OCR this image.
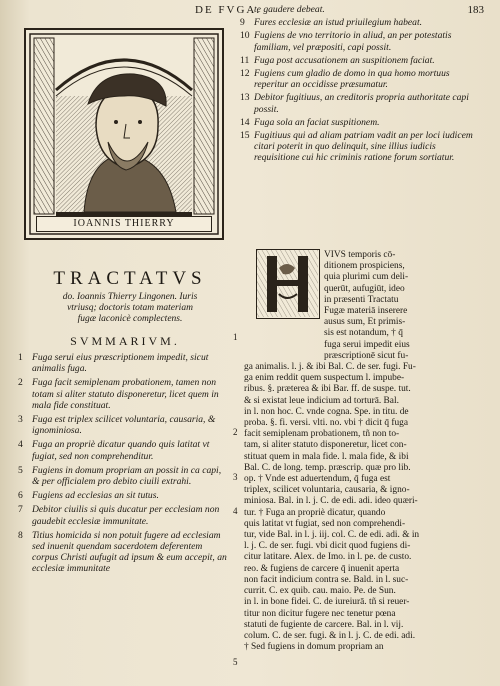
DE FVGA.	183
IOANNIS THIERRY
TRACTATVS
do. Ioannis Thierry Lingonen. Iuris
vtriusq; doctoris totam materiam
fugæ laconicè complectens.
SVMMARIVM.
1 Fuga serui eius præscriptionem impedit, sicut animalis fuga.
2 Fuga facit semiplenam probationem, tamen non totam si aliter statuto disponeretur, licet quem in mala fide constituat.
3 Fuga est triplex scilicet voluntaria, causaria, & ignominiosa.
4 Fuga an propriè dicatur quando quis latitat vt fugiat, sed non comprehenditur.
5 Fugiens in domum propriam an possit in ca capi, & per officialem pro debito ciuili extrahi.
6 Fugiens ad ecclesias an sit tutus.
7 Debitor ciuilis si quis ducatur per ecclesiam non gaudebit ecclesiæ immunitate.
8 Titius homicida si non potuit fugere ad ecclesiam sed inuenit quendam sacerdotem deferentem corpus Christi aufugit ad ipsum & eum accepit, an ecclesiæ immunitate
te gaudere debeat.
9 Fures ecclesiæ an istud priuilegium habeat.
10 Fugiens de vno territorio in aliud, an per potestatis familiam, vel præpositi, capi possit.
11 Fuga post accusationem an suspitionem faciat.
12 Fugiens cum gladio de domo in qua homo mortuus reperitur an occidisse præsumatur.
13 Debitor fugitiuus, an creditoris propria authoritate capi possit.
14 Fuga sola an faciat suspitionem.
15 Fugitiuus qui ad aliam patriam vadit an per loci iudicem citari poterit in quo delinquit, sine illius iudicis requisitione cui hic criminis ratione forum sortiatur.
VIVS temporis cō-
ditionem prospiciens,
quia plurimi cum deli-
querūt, aufugiūt, ideo
in præsenti Tractatu
Fugæ materiā inserere
ausus sum, Et primis-
sis est notandum, † q̄
fuga serui impedit eius
præscriptionē sicut fu-
ga animalis. l. j. & ibi Bal. C. de ser. fugi. Fu-
ga enim reddit quem suspectum l. impube-
ribus. §. præterea & ibi Bar. ff. de suspe. tut.
& si existat leue indicium ad torturā. Bal.
in l. non hoc. C. vnde cogna. Spe. in titu. de
proba. §. fi. versi. vlti. no. vbi † dicit q̄ fuga
facit semiplenam probationem, tñ non to-
tam, si aliter statuto disponeretur, licet con-
stituat quem in mala fide. l. mala fide, & ibi
Bal. C. de long. temp. præscrip. quæ pro lib.
op. † Vnde est aduertendum, q̄ fuga est
triplex, scilicet voluntaria, causaria, & igno-
miniosa. Bal. in l. j. C. de edi. adi. ideo quæri-
tur. † Fuga an propriè dicatur, quando
quis latitat vt fugiat, sed non comprehendi-
tur, vide Bal. in l. j. iij. col. C. de edi. adi. & in
l. j. C. de ser. fugi. vbi dicit quod fugiens di-
citur latitare. Alex. de Imo. in l. pe. de custo.
reo. & fugiens de carcere q̄ inuenit aperta
non facit indicium contra se. Bald. in l. suc-
currit. C. ex quib. cau. maio. Pe. de Sun.
in l. in bone fidei. C. de iureiurā. tñ si reuer-
titur non dicitur fugere nec tenetur pœna
statuti de fugiente de carcere. Bal. in l. vij.
colum. C. de ser. fugi. & in l. j. C. de edi. adi.
† Sed fugiens in domum propriam an
1
2
3
4
5
